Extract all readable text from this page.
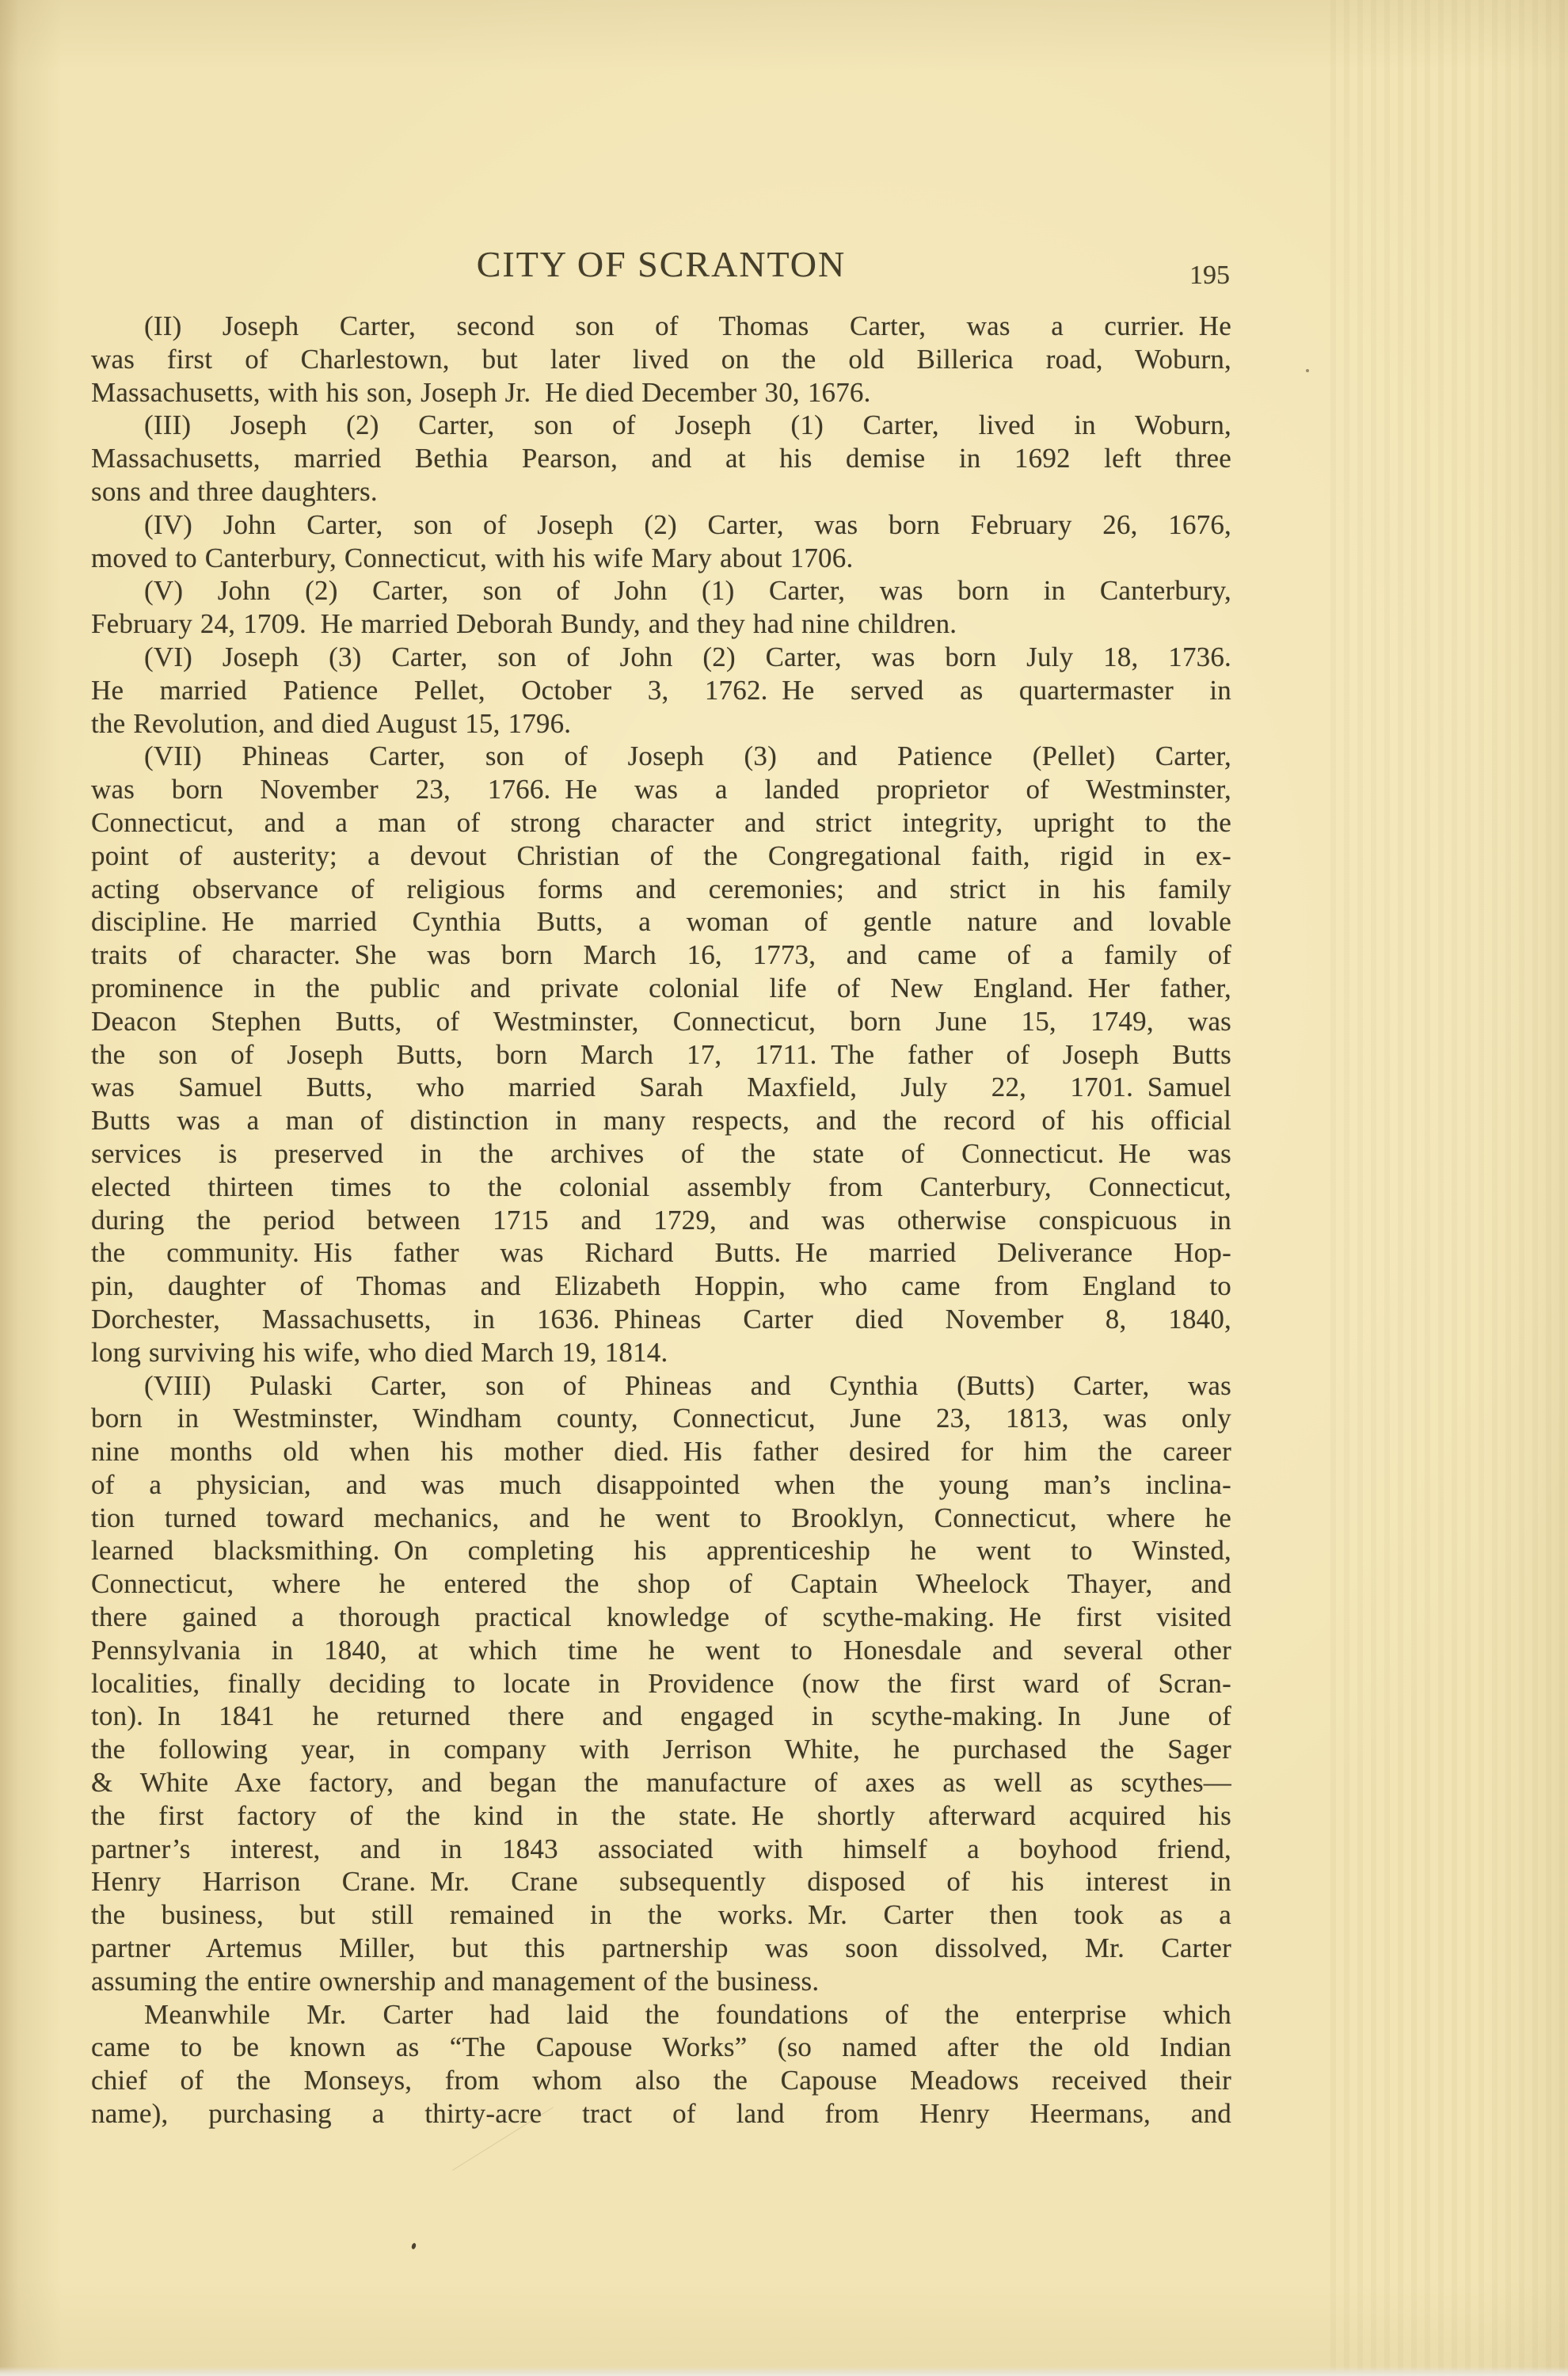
CITY OF SCRANTON	195
(II) Joseph Carter, second son of Thomas Carter, was a currier. He
was first of Charlestown, but later lived on the old Billerica road, Woburn,
Massachusetts, with his son, Joseph Jr. He died December 30, 1676.
(III) Joseph (2) Carter, son of Joseph (1) Carter, lived in Woburn,
Massachusetts, married Bethia Pearson, and at his demise in 1692 left three
sons and three daughters.
(IV) John Carter, son of Joseph (2) Carter, was born February 26, 1676,
moved to Canterbury, Connecticut, with his wife Mary about 1706.
(V) John (2) Carter, son of John (1) Carter, was born in Canterbury,
February 24, 1709. He married Deborah Bundy, and they had nine children.
(VI) Joseph (3) Carter, son of John (2) Carter, was born July 18, 1736.
He married Patience Pellet, October 3, 1762. He served as quartermaster in
the Revolution, and died August 15, 1796.
(VII) Phineas Carter, son of Joseph (3) and Patience (Pellet) Carter,
was born November 23, 1766. He was a landed proprietor of Westminster,
Connecticut, and a man of strong character and strict integrity, upright to the
point of austerity; a devout Christian of the Congregational faith, rigid in ex-
acting observance of religious forms and ceremonies; and strict in his family
discipline. He married Cynthia Butts, a woman of gentle nature and lovable
traits of character. She was born March 16, 1773, and came of a family of
prominence in the public and private colonial life of New England. Her father,
Deacon Stephen Butts, of Westminster, Connecticut, born June 15, 1749, was
the son of Joseph Butts, born March 17, 1711. The father of Joseph Butts
was Samuel Butts, who married Sarah Maxfield, July 22, 1701. Samuel
Butts was a man of distinction in many respects, and the record of his official
services is preserved in the archives of the state of Connecticut. He was
elected thirteen times to the colonial assembly from Canterbury, Connecticut,
during the period between 1715 and 1729, and was otherwise conspicuous in
the community. His father was Richard Butts. He married Deliverance Hop-
pin, daughter of Thomas and Elizabeth Hoppin, who came from England to
Dorchester, Massachusetts, in 1636. Phineas Carter died November 8, 1840,
long surviving his wife, who died March 19, 1814.
(VIII) Pulaski Carter, son of Phineas and Cynthia (Butts) Carter, was
born in Westminster, Windham county, Connecticut, June 23, 1813, was only
nine months old when his mother died. His father desired for him the career
of a physician, and was much disappointed when the young man’s inclina-
tion turned toward mechanics, and he went to Brooklyn, Connecticut, where he
learned blacksmithing. On completing his apprenticeship he went to Winsted,
Connecticut, where he entered the shop of Captain Wheelock Thayer, and
there gained a thorough practical knowledge of scythe-making. He first visited
Pennsylvania in 1840, at which time he went to Honesdale and several other
localities, finally deciding to locate in Providence (now the first ward of Scran-
ton). In 1841 he returned there and engaged in scythe-making. In June of
the following year, in company with Jerrison White, he purchased the Sager
& White Axe factory, and began the manufacture of axes as well as scythes—
the first factory of the kind in the state. He shortly afterward acquired his
partner’s interest, and in 1843 associated with himself a boyhood friend,
Henry Harrison Crane. Mr. Crane subsequently disposed of his interest in
the business, but still remained in the works. Mr. Carter then took as a
partner Artemus Miller, but this partnership was soon dissolved, Mr. Carter
assuming the entire ownership and management of the business.
Meanwhile Mr. Carter had laid the foundations of the enterprise which
came to be known as “The Capouse Works” (so named after the old Indian
chief of the Monseys, from whom also the Capouse Meadows received their
name), purchasing a thirty-acre tract of land from Henry Heermans, and
